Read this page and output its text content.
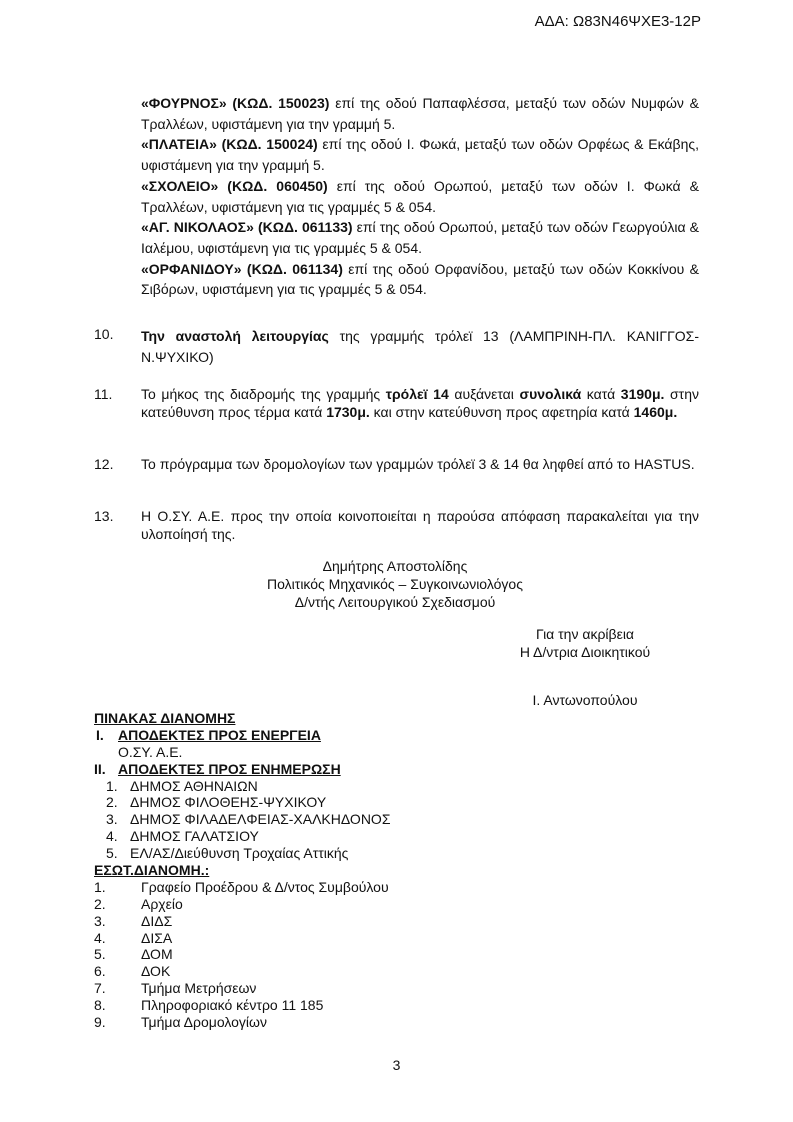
ΑΔΑ: Ω83Ν46ΨΧΕ3-12Ρ

«ΦΟΥΡΝΟΣ» (ΚΩΔ. 150023) επί της οδού Παπαφλέσσα, μεταξύ των οδών Νυμφών & Τραλλέων, υφιστάμενη για την γραμμή 5.

«ΠΛΑΤΕΙΑ» (ΚΩΔ. 150024) επί της οδού Ι. Φωκά, μεταξύ των οδών Ορφέως & Εκάβης, υφιστάμενη για την γραμμή 5.

«ΣΧΟΛΕΙΟ» (ΚΩΔ. 060450) επί της οδού Ορωπού, μεταξύ των οδών Ι. Φωκά & Τραλλέων, υφιστάμενη για τις γραμμές 5 & 054.

«ΑΓ. ΝΙΚΟΛΑΟΣ» (ΚΩΔ. 061133) επί της οδού Ορωπού, μεταξύ των οδών Γεωργούλια & Ιαλέμου, υφιστάμενη για τις γραμμές 5 & 054.

«ΟΡΦΑΝΙΔΟΥ» (ΚΩΔ. 061134) επί της οδού Ορφανίδου, μεταξύ των οδών Κοκκίνου & Σιβόρων, υφιστάμενη για τις γραμμές 5 & 054.

10. Την αναστολή λειτουργίας της γραμμής τρόλεϊ 13 (ΛΑΜΠΡΙΝΗ-ΠΛ. ΚΑΝΙΓΓΟΣ-Ν.ΨΥΧΙΚΟ)
11. Το μήκος της διαδρομής της γραμμής τρόλεϊ 14 αυξάνεται συνολικά κατά 3190μ. στην κατεύθυνση προς τέρμα κατά 1730μ. και στην κατεύθυνση προς αφετηρία κατά 1460μ.
12. Το πρόγραμμα των δρομολογίων των γραμμών τρόλεϊ 3 & 14 θα ληφθεί από το HASTUS.
13. Η Ο.ΣΥ. Α.Ε. προς την οποία κοινοποιείται η παρούσα απόφαση παρακαλείται για την υλοποίησή της.
Δημήτρης Αποστολίδης
Πολιτικός Μηχανικός – Συγκοινωνιολόγος
Δ/ντής Λειτουργικού Σχεδιασμού
Για την ακρίβεια
Η Δ/ντρια Διοικητικού
Ι. Αντωνοπούλου
ΠΙΝΑΚΑΣ ΔΙΑΝΟΜΗΣ
Ι. ΑΠΟΔΕΚΤΕΣ ΠΡΟΣ ΕΝΕΡΓΕΙΑ
Ο.ΣΥ. Α.Ε.
ΙΙ. ΑΠΟΔΕΚΤΕΣ ΠΡΟΣ ΕΝΗΜΕΡΩΣΗ
1. ΔΗΜΟΣ ΑΘΗΝΑΙΩΝ
2. ΔΗΜΟΣ ΦΙΛΟΘΕΗΣ-ΨΥΧΙΚΟΥ
3. ΔΗΜΟΣ ΦΙΛΑΔΕΛΦΕΙΑΣ-ΧΑΛΚΗΔΟΝΟΣ
4. ΔΗΜΟΣ ΓΑΛΑΤΣΙΟΥ
5. ΕΛ/ΑΣ/Διεύθυνση Τροχαίας Αττικής
ΕΣΩΤ.ΔΙΑΝΟΜΗ.:
1.	Γραφείο Προέδρου & Δ/ντος Συμβούλου
2.	Αρχείο
3.	ΔΙΔΣ
4.	ΔΙΣΑ
5.	ΔΟΜ
6.	ΔΟΚ
7.	Τμήμα Μετρήσεων
8.	Πληροφοριακό κέντρο 11 185
9.	Τμήμα Δρομολογίων
3
